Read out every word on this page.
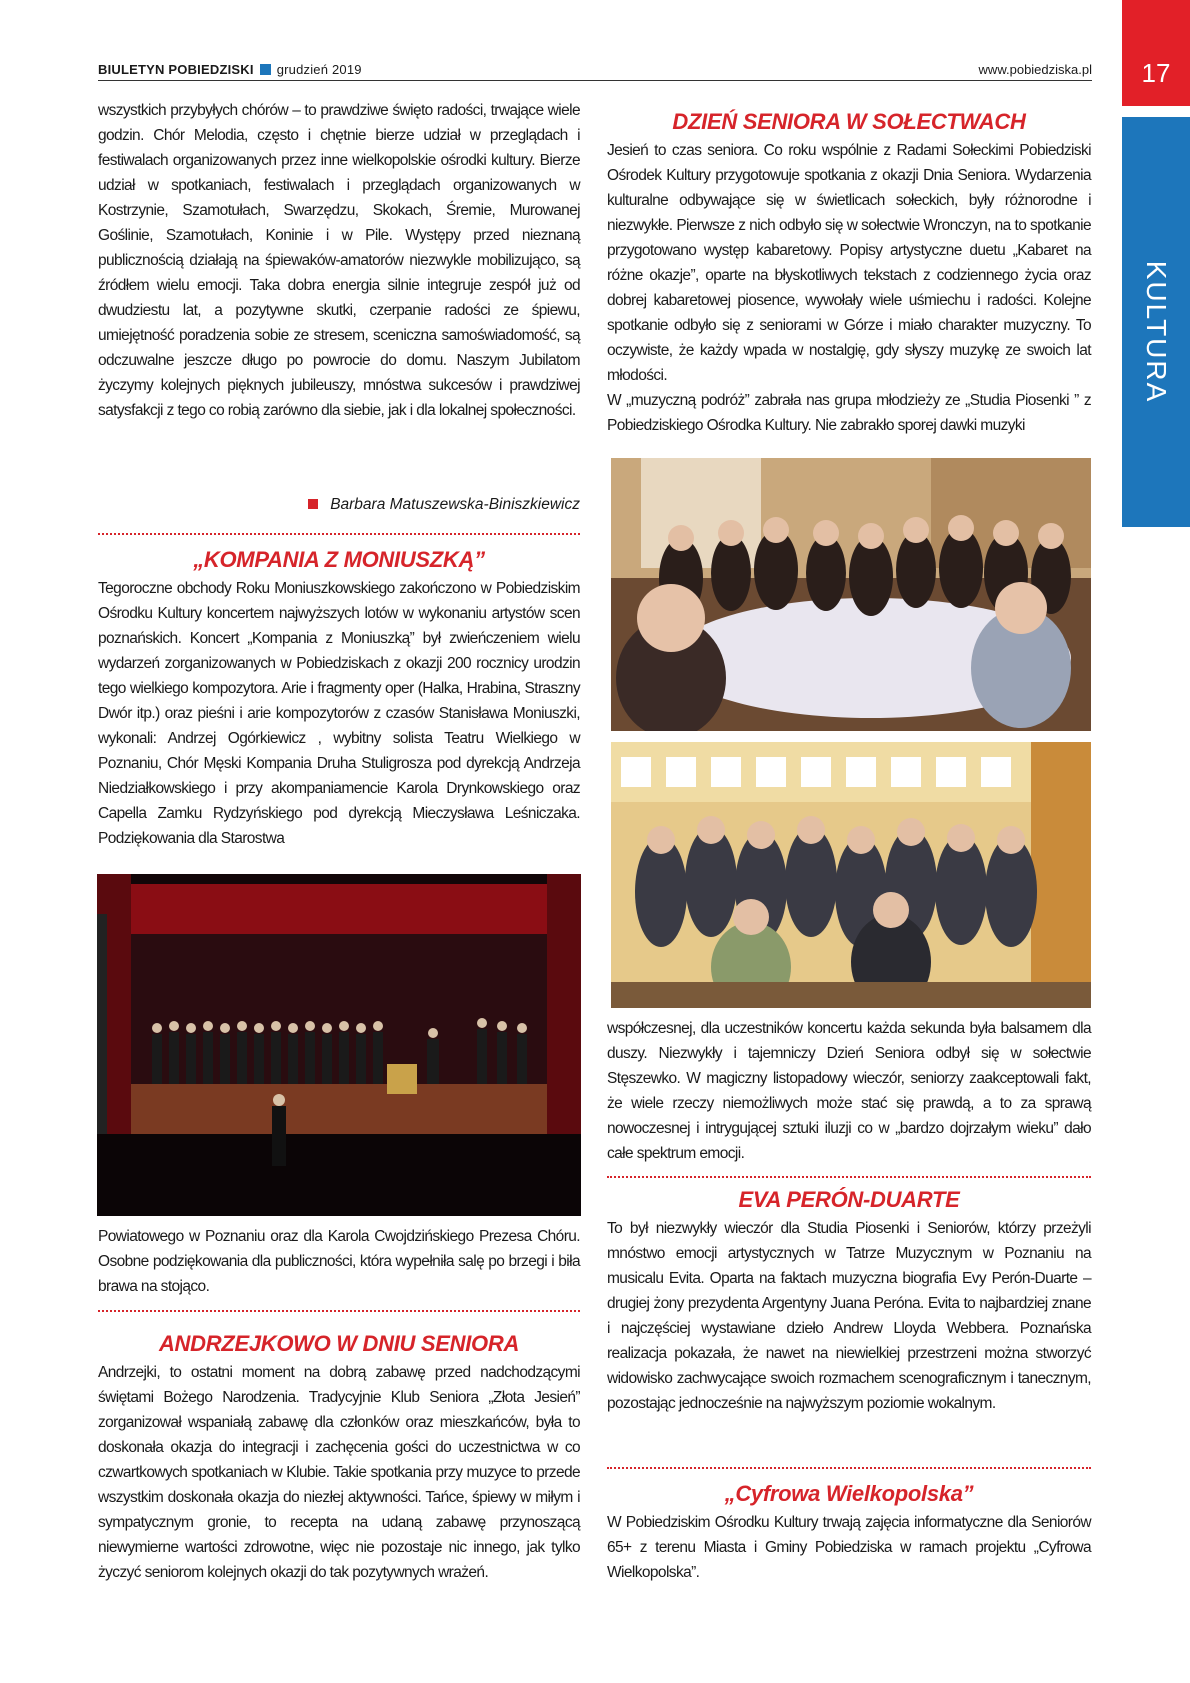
BIULETYN POBIEDZISKI grudzień 2019	www.pobiedziska.pl	17
KULTURA

wszystkich przybyłych chórów – to prawdziwe święto radości, trwające wiele godzin. Chór Melodia, często i chętnie bierze udział w przeglądach i festiwalach organizowanych przez inne wielkopolskie ośrodki kultury. Bierze udział w spotkaniach, festiwalach i przeglądach organizowanych w Kostrzynie, Szamotułach, Swarzędzu, Skokach, Śremie, Murowanej Goślinie, Szamotułach, Koninie i w Pile. Występy przed nieznaną publicznością działają na śpiewaków-amatorów niezwykle mobilizująco, są źródłem wielu emocji. Taka dobra energia silnie integruje zespół już od dwudziestu lat, a pozytywne skutki, czerpanie radości ze śpiewu, umiejętność poradzenia sobie ze stresem, sceniczna samoświadomość, są odczuwalne jeszcze długo po powrocie do domu. Naszym Jubilatom życzymy kolejnych pięknych jubileuszy, mnóstwa sukcesów i prawdziwej satysfakcji z tego co robią zarówno dla siebie, jak i dla lokalnej społeczności.

Barbara Matuszewska-Biniszkiewicz
„KOMPANIA Z MONIUSZKĄ”

Tegoroczne obchody Roku Moniuszkowskiego zakończono w Pobiedziskim Ośrodku Kultury koncertem najwyższych lotów w wykonaniu artystów scen poznańskich. Koncert „Kompania z Moniuszką” był zwieńczeniem wielu wydarzeń zorganizowanych w Pobiedziskach z okazji 200 rocznicy urodzin tego wielkiego kompozytora. Arie i fragmenty oper (Halka, Hrabina, Straszny Dwór itp.) oraz pieśni i arie kompozytorów z czasów Stanisława Moniuszki, wykonali: Andrzej Ogórkiewicz , wybitny solista Teatru Wielkiego w Poznaniu, Chór Męski Kompania Druha Stuligrosza pod dyrekcją Andrzeja Niedziałkowskiego i przy akompaniamencie Karola Drynkowskiego oraz Capella Zamku Rydzyńskiego pod dyrekcją Mieczysława Leśniczaka. Podziękowania dla Starostwa

Powiatowego w Poznaniu oraz dla Karola Cwojdzińskiego Prezesa Chóru. Osobne podziękowania dla publiczności, która wypełniła salę po brzegi i biła brawa na stojąco.

ANDRZEJKOWO W DNIU SENIORA

Andrzejki, to ostatni moment na dobrą zabawę przed nadchodzącymi świętami Bożego Narodzenia. Tradycyjnie Klub Seniora „Złota Jesień” zorganizował wspaniałą zabawę dla członków oraz mieszkańców, była to doskonała okazja do integracji i zachęcenia gości do uczestnictwa w co czwartkowych spotkaniach w Klubie. Takie spotkania przy muzyce to przede wszystkim doskonała okazja do niezłej aktywności. Tańce, śpiewy w miłym i sympatycznym gronie, to recepta na udaną zabawę przynoszącą niewymierne wartości zdrowotne, więc nie pozostaje nic innego, jak tylko życzyć seniorom kolejnych okazji do tak pozytywnych wrażeń.

DZIEŃ SENIORA W SOŁECTWACH

Jesień to czas seniora. Co roku wspólnie z Radami Sołeckimi Pobiedziski Ośrodek Kultury przygotowuje spotkania z okazji Dnia Seniora. Wydarzenia kulturalne odbywające się w świetlicach sołeckich, były różnorodne i niezwykłe. Pierwsze z nich odbyło się w sołectwie Wronczyn, na to spotkanie przygotowano występ kabaretowy. Popisy artystyczne duetu „Kabaret na różne okazje”, oparte na błyskotliwych tekstach z codziennego życia oraz dobrej kabaretowej piosence, wywołały wiele uśmiechu i radości. Kolejne spotkanie odbyło się z seniorami w Górze i miało charakter muzyczny. To oczywiste, że każdy wpada w nostalgię, gdy słyszy muzykę ze swoich lat młodości.

W „muzyczną podróż” zabrała nas grupa młodzieży ze „Studia Piosenki ” z Pobiedziskiego Ośrodka Kultury. Nie zabrakło sporej dawki muzyki

współczesnej, dla uczestników koncertu każda sekunda była balsamem dla duszy. Niezwykły i tajemniczy Dzień Seniora odbył się w sołectwie Stęszewko. W magiczny listopadowy wieczór, seniorzy zaakceptowali fakt, że wiele rzeczy niemożliwych może stać się prawdą, a to za sprawą nowoczesnej i intrygującej sztuki iluzji co w „bardzo dojrzałym wieku” dało całe spektrum emocji.

EVA PERÓN-DUARTE

To był niezwykły wieczór dla Studia Piosenki i Seniorów, którzy przeżyli mnóstwo emocji artystycznych w Tatrze Muzycznym w Poznaniu na musicalu Evita. Oparta na faktach muzyczna biografia Evy Perón-Duarte – drugiej żony prezydenta Argentyny Juana Peróna. Evita to najbardziej znane i najczęściej wystawiane dzieło Andrew Lloyda Webbera. Poznańska realizacja pokazała, że nawet na niewielkiej przestrzeni można stworzyć widowisko zachwycające swoich rozmachem scenograficznym i tanecznym, pozostając jednocześnie na najwyższym poziomie wokalnym.

„Cyfrowa Wielkopolska”

W Pobiedziskim Ośrodku Kultury trwają zajęcia informatyczne dla Seniorów 65+ z terenu Miasta i Gminy Pobiedziska w ramach projektu „Cyfrowa Wielkopolska”.
